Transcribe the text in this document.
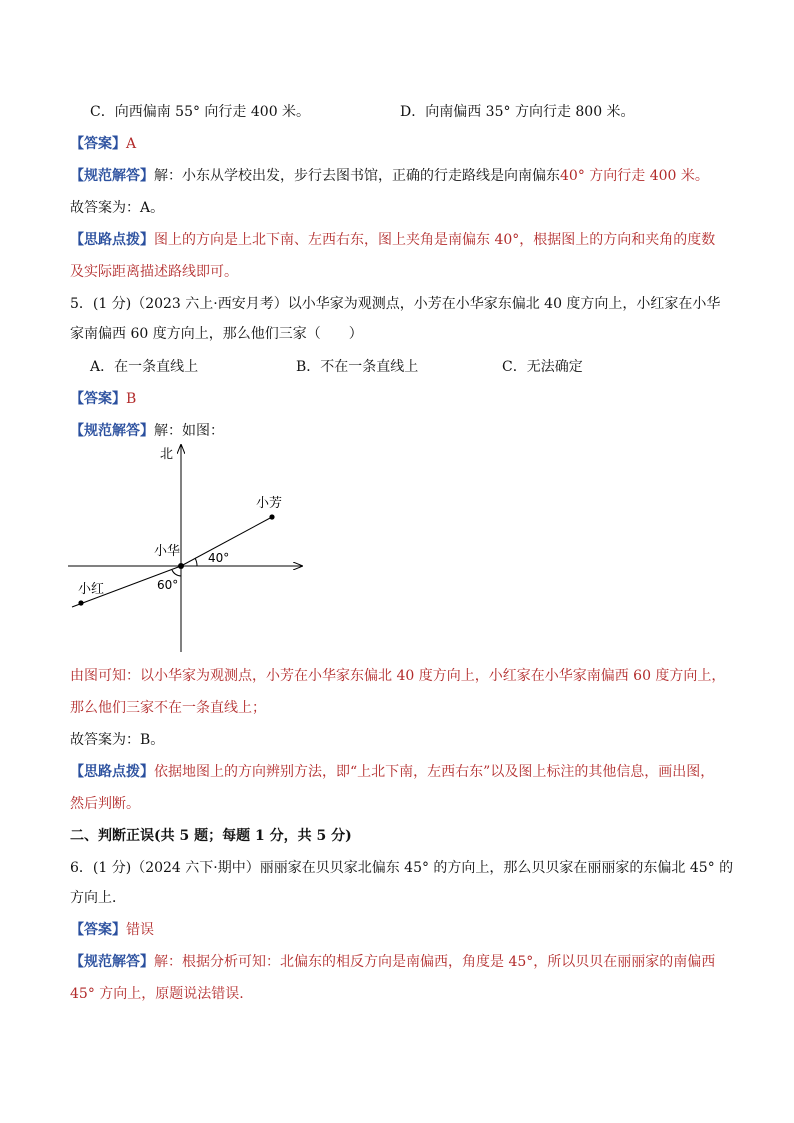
C．向西偏南 55° 向行走 400 米。	D．向南偏西 35° 方向行走 800 米。
【答案】A
【规范解答】解：小东从学校出发，步行去图书馆，正确的行走路线是向南偏东40° 方向行走 400 米。
故答案为：A。
【思路点拨】图上的方向是上北下南、左西右东，图上夹角是南偏东 40°，根据图上的方向和夹角的度数
及实际距离描述路线即可。
5．(1 分)（2023 六上·西安月考）以小华家为观测点，小芳在小华家东偏北 40 度方向上，小红家在小华
家南偏西 60 度方向上，那么他们三家（　　）
A．在一条直线上	B．不在一条直线上	C．无法确定
【答案】B
【规范解答】解：如图：
北
小芳
小华
小红
40°
60°
由图可知：以小华家为观测点，小芳在小华家东偏北 40 度方向上，小红家在小华家南偏西 60 度方向上，
那么他们三家不在一条直线上；
故答案为：B。
【思路点拨】依据地图上的方向辨别方法，即“上北下南，左西右东”以及图上标注的其他信息，画出图，
然后判断。
二、判断正误(共 5 题；每题 1 分，共 5 分)
6．(1 分)（2024 六下·期中）丽丽家在贝贝家北偏东 45° 的方向上，那么贝贝家在丽丽家的东偏北 45° 的
方向上．
【答案】错误
【规范解答】解：根据分析可知：北偏东的相反方向是南偏西，角度是 45°，所以贝贝在丽丽家的南偏西
45° 方向上，原题说法错误.
